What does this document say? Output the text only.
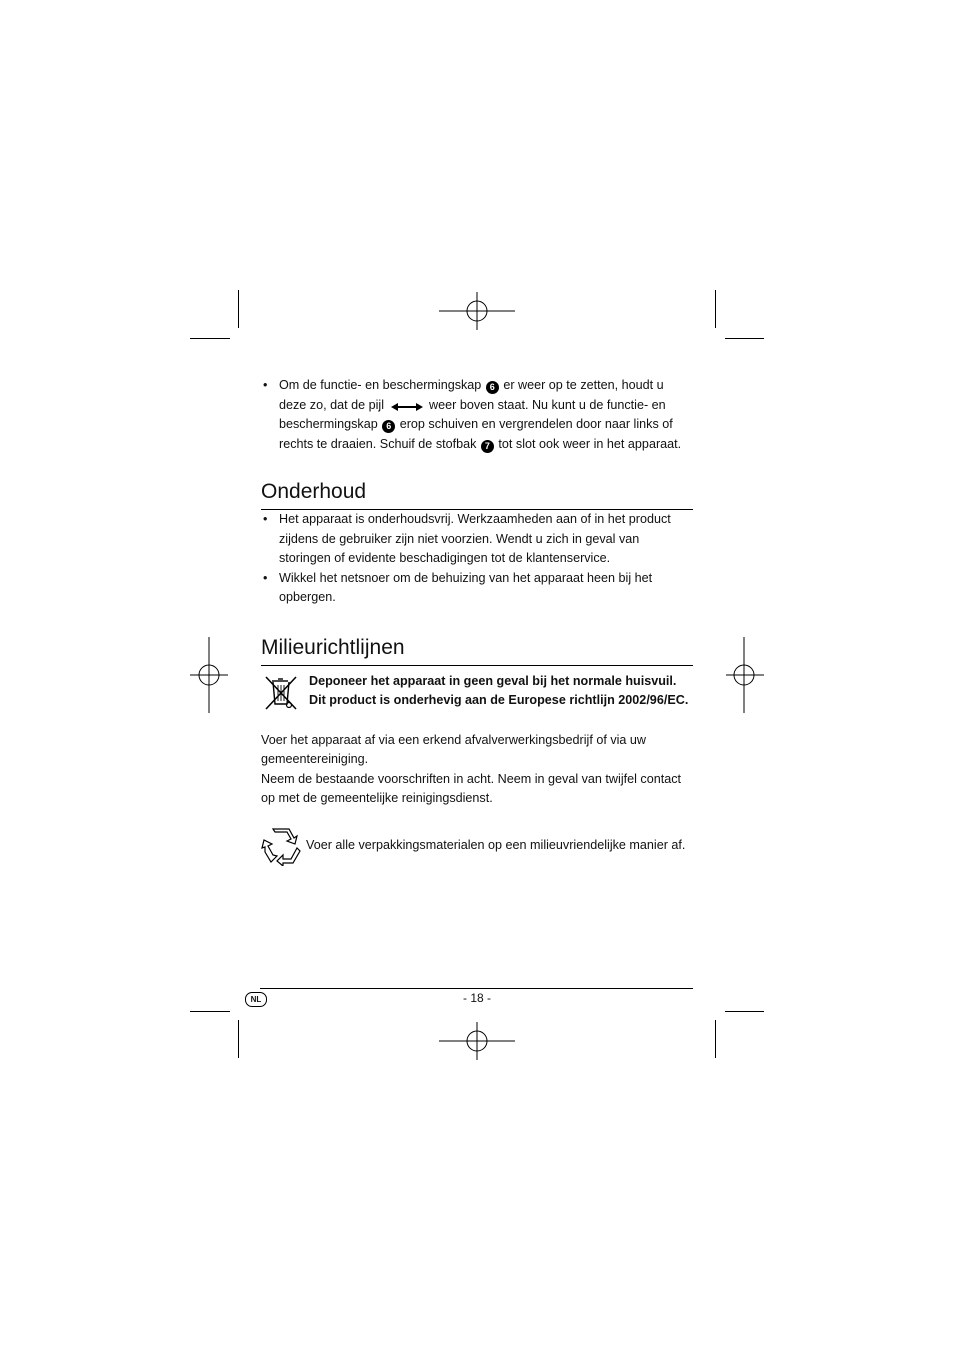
• Om de functie- en beschermingskap 6 er weer op te zetten, houdt u deze zo, dat de pijl	weer boven staat. Nu kunt u de functie- en beschermingskap 6 erop schuiven en vergrendelen door naar links of rechts te draaien. Schuif de stofbak 7 tot slot ook weer in het apparaat.
Onderhoud
• Het apparaat is onderhoudsvrij. Werkzaamheden aan of in het product zijdens de gebruiker zijn niet voorzien. Wendt u zich in geval van storingen of evidente beschadigingen tot de klantenservice.
• Wikkel het netsnoer om de behuizing van het apparaat heen bij het opbergen.
Milieurichtlijnen
Deponeer het apparaat in geen geval bij het normale huisvuil.
Dit product is onderhevig aan de Europese richtlijn 2002/96/EC.
Voer het apparaat af via een erkend afvalverwerkingsbedrijf of via uw gemeentereiniging.
Neem de bestaande voorschriften in acht. Neem in geval van twijfel contact op met de gemeentelijke reinigingsdienst.
Voer alle verpakkingsmaterialen op een milieuvriendelijke manier af.
NL	- 18 -
